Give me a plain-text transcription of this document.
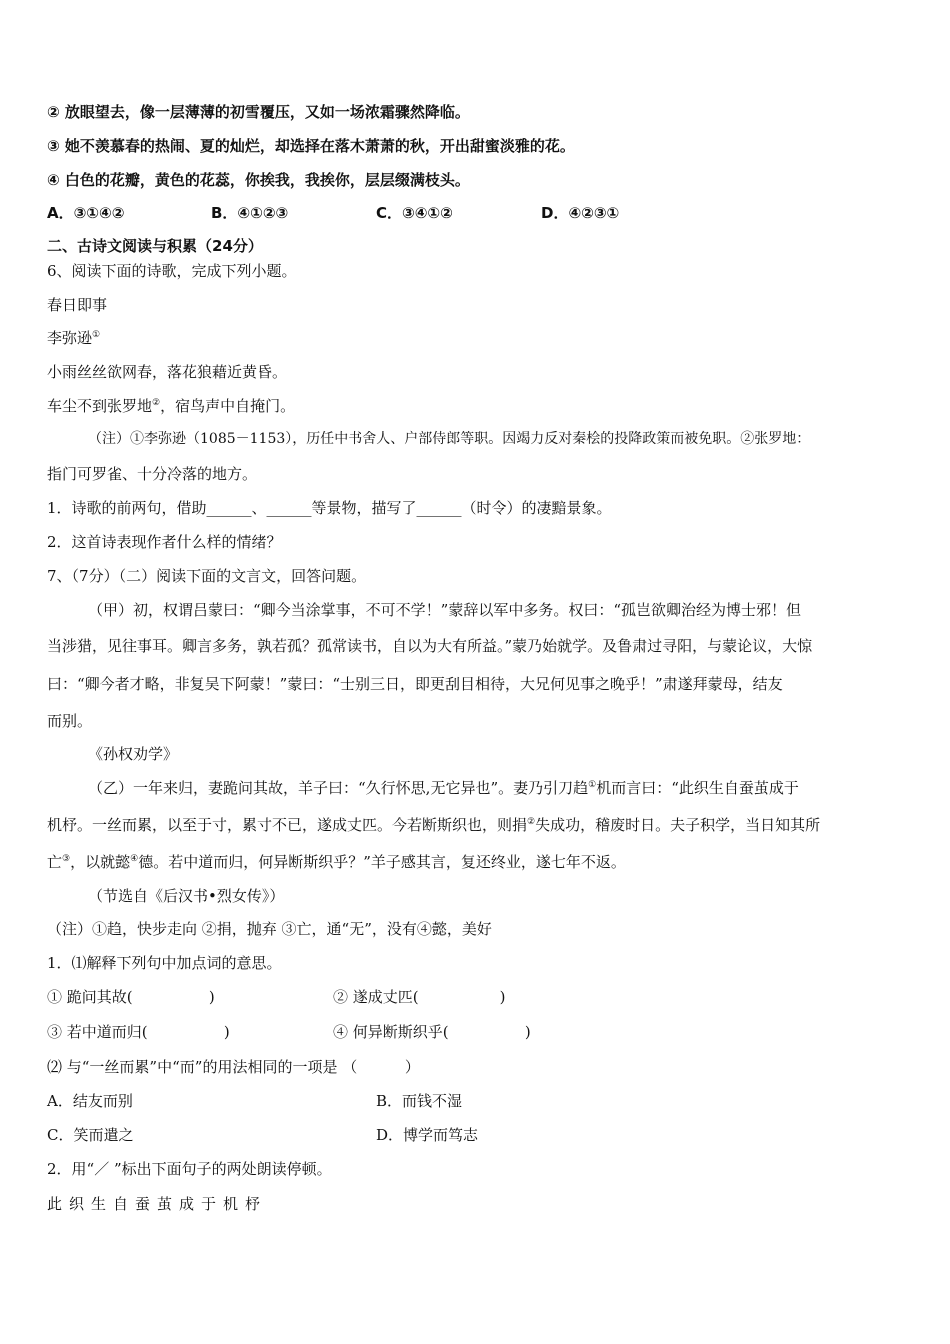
② 放眼望去，像一层薄薄的初雪覆压，又如一场浓霜骤然降临。
③ 她不羡慕春的热闹、夏的灿烂，却选择在落木萧萧的秋，开出甜蜜淡雅的花。
④ 白色的花瓣，黄色的花蕊，你挨我，我挨你，层层缀满枝头。
A．③①④②	B．④①②③	C．③④①②	D．④②③①
二、古诗文阅读与积累（24分）
6、阅读下面的诗歌，完成下列小题。
春日即事
李弥逊①
小雨丝丝欲网春，落花狼藉近黄昏。
车尘不到张罗地②，宿鸟声中自掩门。
（注）①李弥逊（1085－1153），历任中书舍人、户部侍郎等职。因竭力反对秦桧的投降政策而被免职。②张罗地：
指门可罗雀、十分冷落的地方。
1．诗歌的前两句，借助______、______等景物，描写了______（时令）的凄黯景象。
2．这首诗表现作者什么样的情绪？
7、（7分）（二）阅读下面的文言文，回答问题。
（甲）初，权谓吕蒙曰：“卿今当涂掌事，不可不学！”蒙辞以军中多务。权曰：“孤岂欲卿治经为博士邪！但
当涉猎，见往事耳。卿言多务，孰若孤？孤常读书，自以为大有所益。”蒙乃始就学。及鲁肃过寻阳，与蒙论议，大惊
曰：“卿今者才略，非复吴下阿蒙！”蒙曰：“士别三日，即更刮目相待，大兄何见事之晚乎！”肃遂拜蒙母，结友
而别。
《孙权劝学》
（乙）一年来归，妻跪问其故，羊子曰：“久行怀思,无它异也”。妻乃引刀趋①机而言曰：“此织生自蚕茧成于
机杼。一丝而累，以至于寸，累寸不已，遂成丈匹。今若断斯织也，则捐②失成功，稽废时日。夫子积学，当日知其所
亡③，以就懿④德。若中道而归，何异断斯织乎？”羊子感其言，复还终业，遂七年不返。
（节选自《后汉书•烈女传》）
（注）①趋，快步走向 ②捐，抛弃 ③亡，通“无”，没有④懿，美好
1．⑴解释下列句中加点词的意思。
① 跪问其故(                )	② 遂成丈匹(                 )
③ 若中道而归(                )	④ 何异断斯织乎(                )
⑵ 与“一丝而累”中“而”的用法相同的一项是 （          ）
A．结友而别	B．而钱不湿
C．笑而遣之	D．博学而笃志
2．用“／ ”标出下面句子的两处朗读停顿。
此 织 生 自 蚕 茧 成 于 机 杼
